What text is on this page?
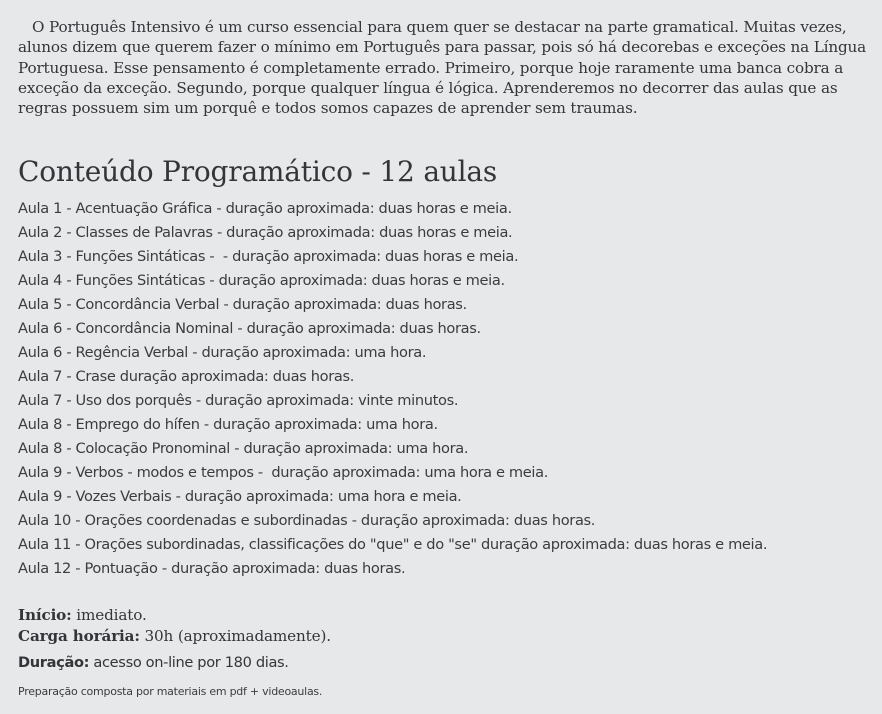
O Português Intensivo é um curso essencial para quem quer se destacar na parte gramatical. Muitas vezes,
alunos dizem que querem fazer o mínimo em Português para passar, pois só há decorebas e exceções na Língua
Portuguesa. Esse pensamento é completamente errado. Primeiro, porque hoje raramente uma banca cobra a
exceção da exceção. Segundo, porque qualquer língua é lógica. Aprenderemos no decorrer das aulas que as
regras possuem sim um porquê e todos somos capazes de aprender sem traumas.
Conteúdo Programático - 12 aulas
Aula 1 - Acentuação Gráfica - duração aproximada: duas horas e meia.
Aula 2 - Classes de Palavras - duração aproximada: duas horas e meia.
Aula 3 - Funções Sintáticas -  - duração aproximada: duas horas e meia.
Aula 4 - Funções Sintáticas - duração aproximada: duas horas e meia.
Aula 5 - Concordância Verbal - duração aproximada: duas horas.
Aula 6 - Concordância Nominal - duração aproximada: duas horas.
Aula 6 - Regência Verbal - duração aproximada: uma hora.
Aula 7 - Crase duração aproximada: duas horas.
Aula 7 - Uso dos porquês - duração aproximada: vinte minutos.
Aula 8 - Emprego do hífen - duração aproximada: uma hora.
Aula 8 - Colocação Pronominal - duração aproximada: uma hora.
Aula 9 - Verbos - modos e tempos -  duração aproximada: uma hora e meia.
Aula 9 - Vozes Verbais - duração aproximada: uma hora e meia.
Aula 10 - Orações coordenadas e subordinadas - duração aproximada: duas horas.
Aula 11 - Orações subordinadas, classificações do "que" e do "se" duração aproximada: duas horas e meia.
Aula 12 - Pontuação - duração aproximada: duas horas.
Início: imediato.
Carga horária: 30h (aproximadamente).
Duração: acesso on-line por 180 dias.
Preparação composta por materiais em pdf + videoaulas.
